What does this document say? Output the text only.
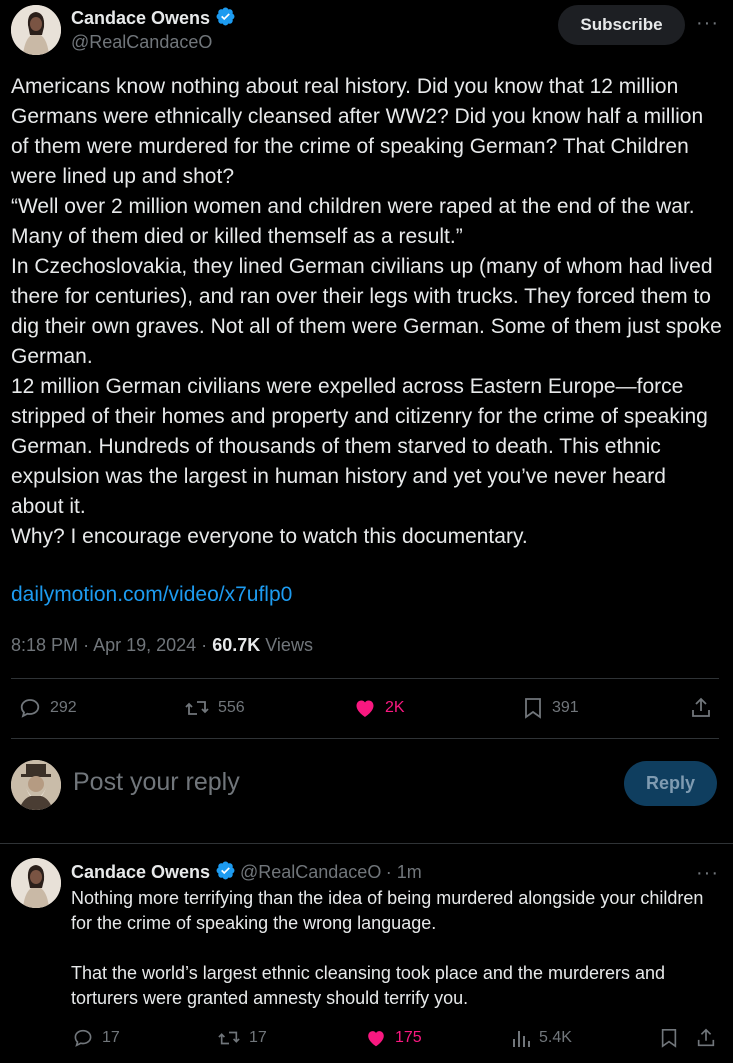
Candace Owens
@RealCandaceO
Subscribe	···

Americans know nothing about real history. Did you know that 12 million Germans were ethnically cleansed after WW2? Did you know half a million of them were murdered for the crime of speaking German? That Children were lined up and shot?

“Well over 2 million women and children were raped at the end of the war. Many of them died or killed themself as a result.”

In Czechoslovakia, they lined German civilians up (many of whom had lived there for centuries), and ran over their legs with trucks. They forced them to dig their own graves. Not all of them were German. Some of them just spoke German.

12 million German civilians were expelled across Eastern Europe—force stripped of their homes and property and citizenry for the crime of speaking German. Hundreds of thousands of them starved to death. This ethnic expulsion was the largest in human history and yet you’ve never heard about it.

Why? I encourage everyone to watch this documentary.

dailymotion.com/video/x7uflp0
8:18 PM · Apr 19, 2024 · 60.7K Views
292	556	2K	391
Post your reply	Reply
Candace Owens @RealCandaceO · 1m	···

Nothing more terrifying than the idea of being murdered alongside your children for the crime of speaking the wrong language.

That the world’s largest ethnic cleansing took place and the murderers and torturers were granted amnesty should terrify you.

17	17	175	5.4K
